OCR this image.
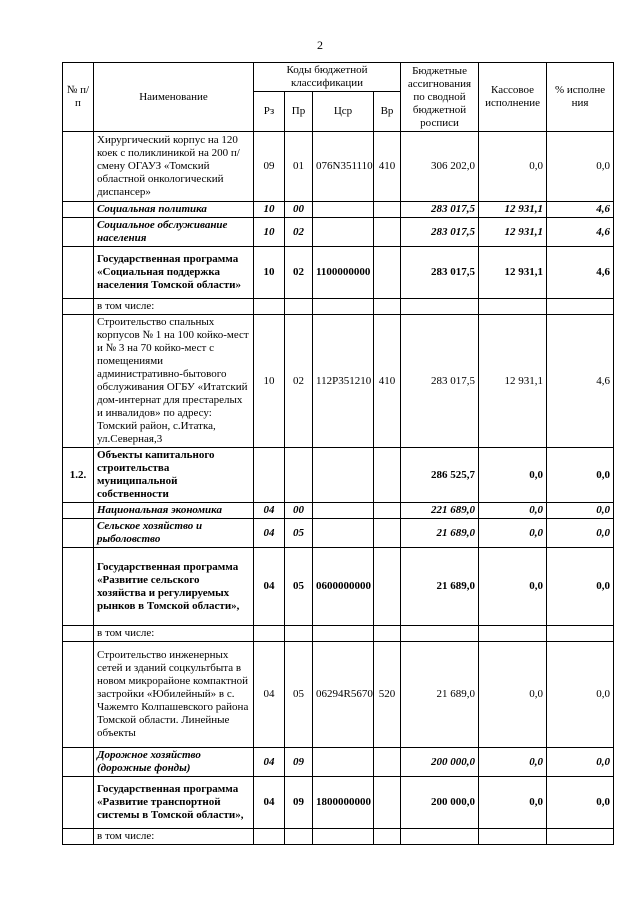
2
№ п/п	Наименование	Коды бюджетной классификации				Бюджетные ассигнования по сводной бюджетной росписи	Кассовое исполнение	% исполне ния
		Рз	Пр	Цср	Вр			
	Хирургический корпус на 120 коек с поликлиникой на 200 п/смену ОГАУЗ «Томский областной онкологический диспансер»	09	01	076N351110	410	306 202,0	0,0	0,0
	Социальная политика	10	00			283 017,5	12 931,1	4,6
	Социальное обслуживание населения	10	02			283 017,5	12 931,1	4,6
	Государственная программа «Социальная поддержка населения Томской области»	10	02	1100000000		283 017,5	12 931,1	4,6
	в том числе:							
	Строительство спальных корпусов № 1 на 100 койко-мест и № 3 на 70 койко-мест с помещениями административно-бытового обслуживания ОГБУ «Итатский дом-интернат для престарелых и инвалидов» по адресу: Томский район, с.Итатка, ул.Северная,3	10	02	112P351210	410	283 017,5	12 931,1	4,6
1.2.	Объекты капитального строительства муниципальной собственности					286 525,7	0,0	0,0
	Национальная экономика	04	00			221 689,0	0,0	0,0
	Сельское хозяйство и рыболовство	04	05			21 689,0	0,0	0,0
	Государственная программа «Развитие сельского хозяйства и регулируемых рынков в Томской области»,	04	05	0600000000		21 689,0	0,0	0,0
	в том числе:							
	Строительство инженерных сетей и зданий соцкультбыта в новом микрорайоне компактной застройки «Юбилейный» в с. Чажемто Колпашевского района Томской области. Линейные объекты	04	05	06294R5670	520	21 689,0	0,0	0,0
	Дорожное хозяйство (дорожные фонды)	04	09			200 000,0	0,0	0,0
	Государственная программа «Развитие транспортной системы в Томской области»,	04	09	1800000000		200 000,0	0,0	0,0
	в том числе:							
